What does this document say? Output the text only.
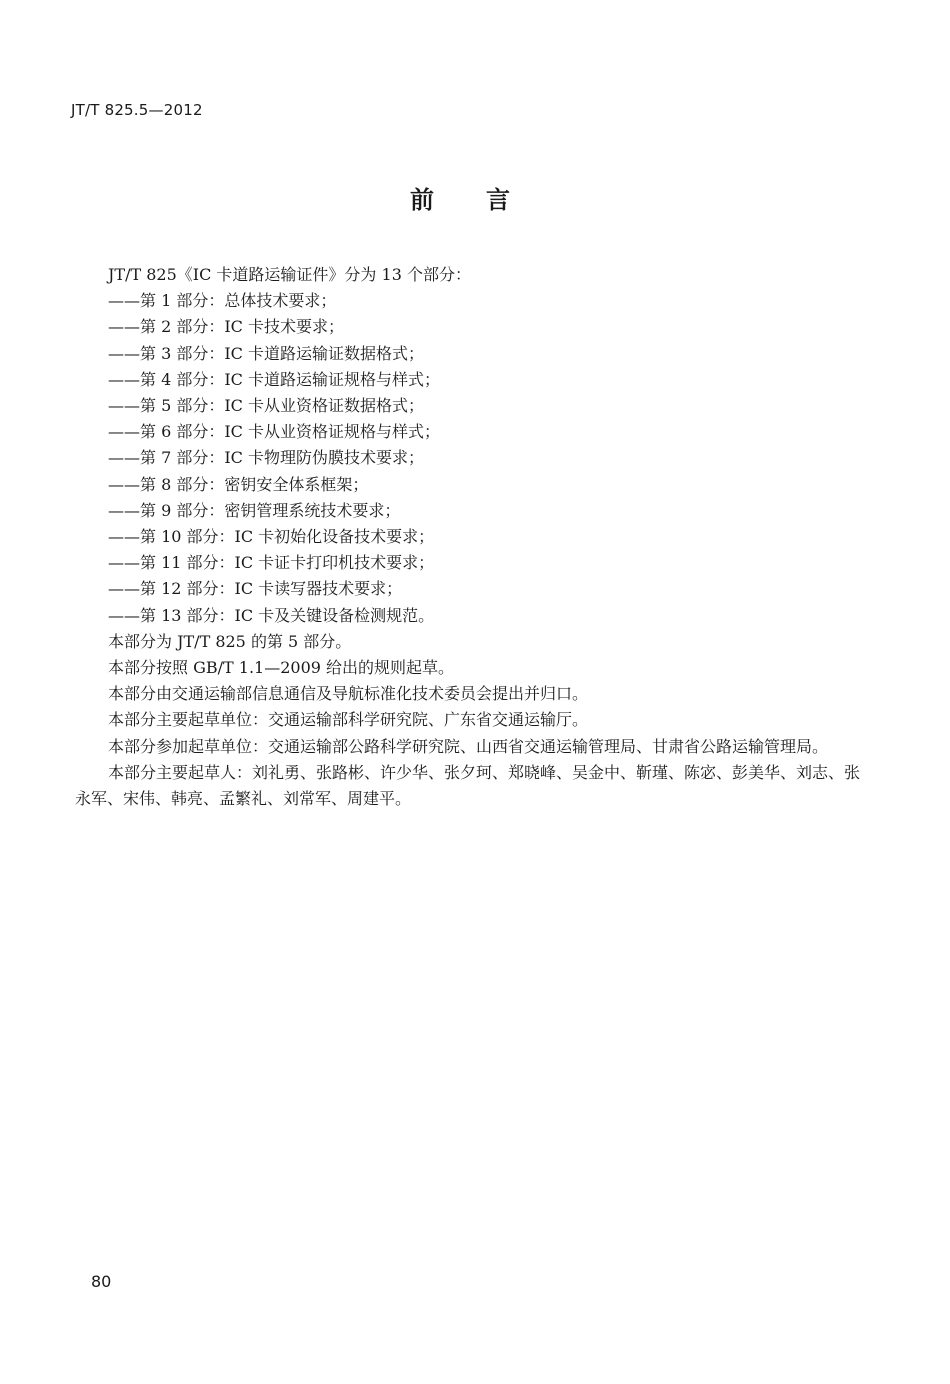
JT/T 825.5—2012
前言

JT/T 825《IC 卡道路运输证件》分为 13 个部分：

——第 1 部分：总体技术要求；

——第 2 部分：IC 卡技术要求；

——第 3 部分：IC 卡道路运输证数据格式；

——第 4 部分：IC 卡道路运输证规格与样式；

——第 5 部分：IC 卡从业资格证数据格式；

——第 6 部分：IC 卡从业资格证规格与样式；

——第 7 部分：IC 卡物理防伪膜技术要求；

——第 8 部分：密钥安全体系框架；

——第 9 部分：密钥管理系统技术要求；

——第 10 部分：IC 卡初始化设备技术要求；

——第 11 部分：IC 卡证卡打印机技术要求；

——第 12 部分：IC 卡读写器技术要求；

——第 13 部分：IC 卡及关键设备检测规范。

本部分为 JT/T 825 的第 5 部分。

本部分按照 GB/T 1.1—2009 给出的规则起草。

本部分由交通运输部信息通信及导航标准化技术委员会提出并归口。

本部分主要起草单位：交通运输部科学研究院、广东省交通运输厅。

本部分参加起草单位：交通运输部公路科学研究院、山西省交通运输管理局、甘肃省公路运输管理局。

本部分主要起草人：刘礼勇、张路彬、许少华、张夕珂、郑晓峰、吴金中、靳瑾、陈宓、彭美华、刘志、张永军、宋伟、韩亮、孟繁礼、刘常军、周建平。

80
